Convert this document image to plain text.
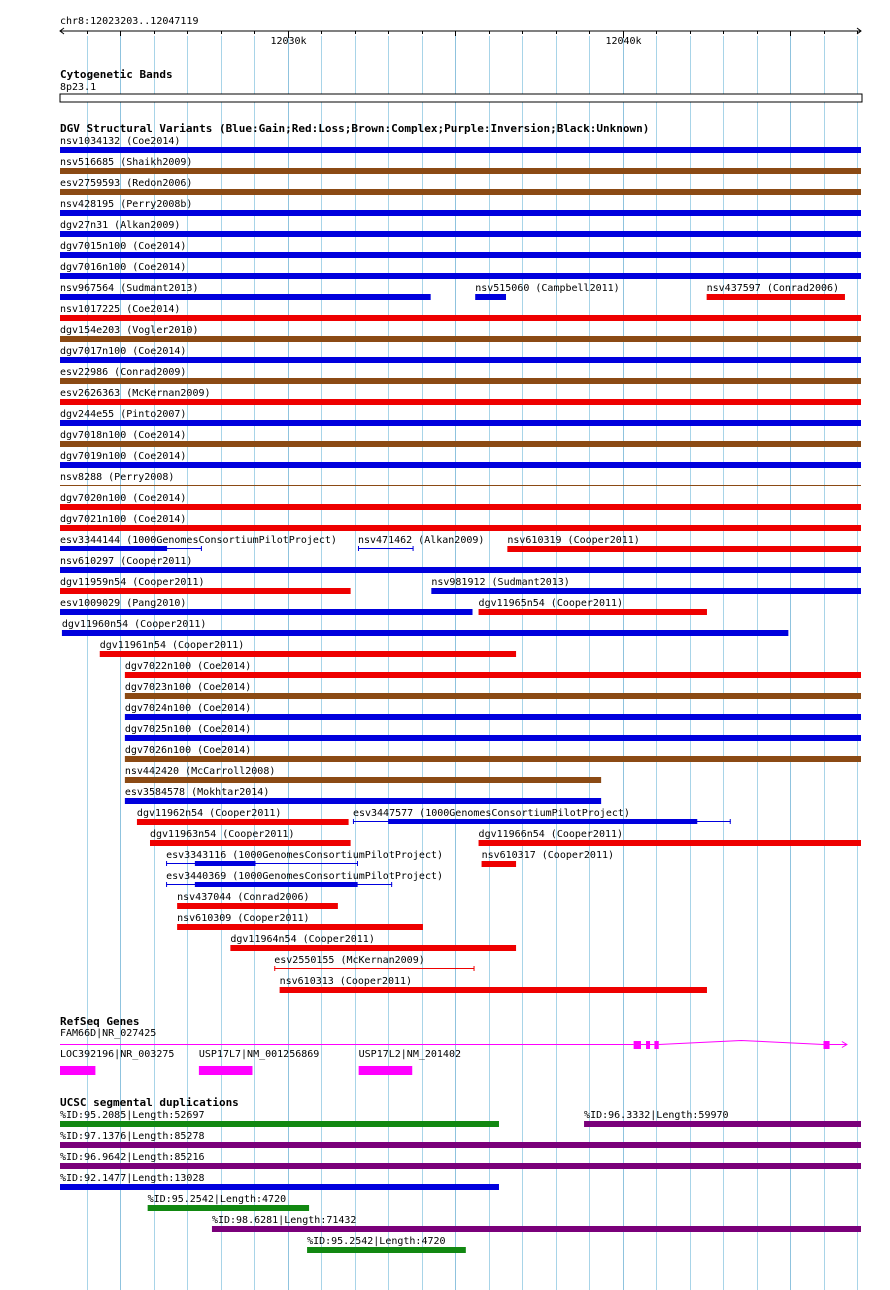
chr8:12023203..12047119
12030k	12040k
Cytogenetic Bands
8p23.1
DGV Structural Variants (Blue:Gain;Red:Loss;Brown:Complex;Purple:Inversion;Black:Unknown)
nsv1034132 (Coe2014)
nsv516685 (Shaikh2009)
esv2759593 (Redon2006)
nsv428195 (Perry2008b)
dgv27n31 (Alkan2009)
dgv7015n100 (Coe2014)
dgv7016n100 (Coe2014)
nsv967564 (Sudmant2013)	nsv515060 (Campbell2011)	nsv437597 (Conrad2006)
nsv1017225 (Coe2014)
dgv154e203 (Vogler2010)
dgv7017n100 (Coe2014)
esv22986 (Conrad2009)
esv2626363 (McKernan2009)
dgv244e55 (Pinto2007)
dgv7018n100 (Coe2014)
dgv7019n100 (Coe2014)
nsv8288 (Perry2008)
dgv7020n100 (Coe2014)
dgv7021n100 (Coe2014)
esv3344144 (1000GenomesConsortiumPilotProject) nsv471462 (Alkan2009) nsv610319 (Cooper2011)
nsv610297 (Cooper2011)
dgv11959n54 (Cooper2011)	nsv981912 (Sudmant2013)
esv1009029 (Pang2010)	dgv11965n54 (Cooper2011)
dgv11960n54 (Cooper2011)
dgv11961n54 (Cooper2011)
dgv7022n100 (Coe2014)
dgv7023n100 (Coe2014)
dgv7024n100 (Coe2014)
dgv7025n100 (Coe2014)
dgv7026n100 (Coe2014)
nsv442420 (McCarroll2008)
esv3584578 (Mokhtar2014)
dgv11962n54 (Cooper2011)	esv3447577 (1000GenomesConsortiumPilotProject)
dgv11963n54 (Cooper2011)	dgv11966n54 (Cooper2011)
esv3343116 (1000GenomesConsortiumPilotProject)	nsv610317 (Cooper2011)
esv3440369 (1000GenomesConsortiumPilotProject)
nsv437044 (Conrad2006)
nsv610309 (Cooper2011)
dgv11964n54 (Cooper2011)
esv2550155 (McKernan2009)
nsv610313 (Cooper2011)
RefSeq Genes
FAM66D|NR_027425
LOC392196|NR_003275 USP17L7|NM_001256869	USP17L2|NM_201402
UCSC segmental duplications
%ID:95.2085|Length:52697	%ID:96.3332|Length:59970
%ID:97.1376|Length:85278
%ID:96.9642|Length:85216
%ID:92.1477|Length:13028
%ID:95.2542|Length:4720
%ID:98.6281|Length:71432
%ID:95.2542|Length:4720
